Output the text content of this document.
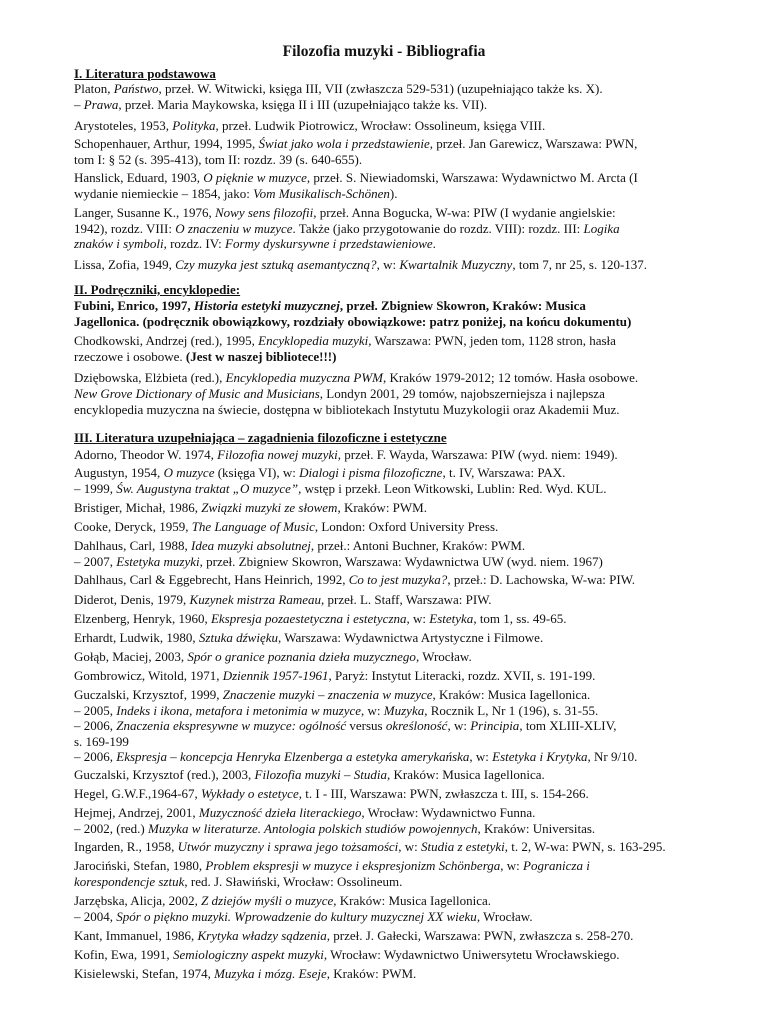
Filozofia muzyki - Bibliografia
I. Literatura podstawowa
Platon, Państwo, przeł. W. Witwicki, księga III, VII (zwłaszcza 529-531) (uzupełniająco także ks. X).
– Prawa, przeł. Maria Maykowska, księga II i III (uzupełniająco także ks. VII).
Arystoteles, 1953, Polityka, przeł. Ludwik Piotrowicz, Wrocław: Ossolineum, księga VIII.
Schopenhauer, Arthur, 1994, 1995, Świat jako wola i przedstawienie, przeł. Jan Garewicz, Warszawa: PWN,
tom I: § 52 (s. 395-413), tom II: rozdz. 39 (s. 640-655).
Hanslick, Eduard, 1903, O pięknie w muzyce, przeł. S. Niewiadomski, Warszawa: Wydawnictwo M. Arcta (I
wydanie niemieckie – 1854, jako: Vom Musikalisch-Schönen).
Langer, Susanne K., 1976, Nowy sens filozofii, przeł. Anna Bogucka, W-wa: PIW (I wydanie angielskie:
1942), rozdz. VIII: O znaczeniu w muzyce. Także (jako przygotowanie do rozdz. VIII): rozdz. III: Logika
znaków i symboli, rozdz. IV: Formy dyskursywne i przedstawieniowe.
Lissa, Zofia, 1949, Czy muzyka jest sztuką asemantyczną?, w: Kwartalnik Muzyczny, tom 7, nr 25, s. 120-137.
II. Podręczniki, encyklopedie:
Fubini, Enrico, 1997, Historia estetyki muzycznej, przeł. Zbigniew Skowron, Kraków: Musica
Jagellonica. (podręcznik obowiązkowy, rozdziały obowiązkowe: patrz poniżej, na końcu dokumentu)
Chodkowski, Andrzej (red.), 1995, Encyklopedia muzyki, Warszawa: PWN, jeden tom, 1128 stron, hasła
rzeczowe i osobowe. (Jest w naszej bibliotece!!!)
Dziębowska, Elżbieta (red.), Encyklopedia muzyczna PWM, Kraków 1979-2012; 12 tomów. Hasła osobowe.
New Grove Dictionary of Music and Musicians, Londyn 2001, 29 tomów, najobszerniejsza i najlepsza
encyklopedia muzyczna na świecie, dostępna w bibliotekach Instytutu Muzykologii oraz Akademii Muz.
III. Literatura uzupełniająca – zagadnienia filozoficzne i estetyczne
Adorno, Theodor W. 1974, Filozofia nowej muzyki, przeł. F. Wayda, Warszawa: PIW (wyd. niem: 1949).
Augustyn, 1954, O muzyce (księga VI), w: Dialogi i pisma filozoficzne, t. IV, Warszawa: PAX.
– 1999, Św. Augustyna traktat „O muzyce”, wstęp i przekł. Leon Witkowski, Lublin: Red. Wyd. KUL.
Bristiger, Michał, 1986, Związki muzyki ze słowem, Kraków: PWM.
Cooke, Deryck, 1959, The Language of Music, London: Oxford University Press.
Dahlhaus, Carl, 1988, Idea muzyki absolutnej, przeł.: Antoni Buchner, Kraków: PWM.
– 2007, Estetyka muzyki, przeł. Zbigniew Skowron, Warszawa: Wydawnictwa UW (wyd. niem. 1967)
Dahlhaus, Carl & Eggebrecht, Hans Heinrich, 1992, Co to jest muzyka?, przeł.: D. Lachowska, W-wa: PIW.
Diderot, Denis, 1979, Kuzynek mistrza Rameau, przeł. L. Staff, Warszawa: PIW.
Elzenberg, Henryk, 1960, Ekspresja pozaestetyczna i estetyczna, w: Estetyka, tom 1, ss. 49-65.
Erhardt, Ludwik, 1980, Sztuka dźwięku, Warszawa: Wydawnictwa Artystyczne i Filmowe.
Gołąb, Maciej, 2003, Spór o granice poznania dzieła muzycznego, Wrocław.
Gombrowicz, Witold, 1971, Dziennik 1957-1961, Paryż: Instytut Literacki, rozdz. XVII, s. 191-199.
Guczalski, Krzysztof, 1999, Znaczenie muzyki – znaczenia w muzyce, Kraków: Musica Iagellonica.
– 2005, Indeks i ikona, metafora i metonimia w muzyce, w: Muzyka, Rocznik L, Nr 1 (196), s. 31-55.
– 2006, Znaczenia ekspresywne w muzyce: ogólność versus określoność, w: Principia, tom XLIII-XLIV,
s. 169-199
– 2006, Ekspresja – koncepcja Henryka Elzenberga a estetyka amerykańska, w: Estetyka i Krytyka, Nr 9/10.
Guczalski, Krzysztof (red.), 2003, Filozofia muzyki – Studia, Kraków: Musica Iagellonica.
Hegel, G.W.F.,1964-67, Wykłady o estetyce, t. I - III, Warszawa: PWN, zwłaszcza t. III, s. 154-266.
Hejmej, Andrzej, 2001, Muzyczność dzieła literackiego, Wrocław: Wydawnictwo Funna.
– 2002, (red.) Muzyka w literaturze. Antologia polskich studiów powojennych, Kraków: Universitas.
Ingarden, R., 1958, Utwór muzyczny i sprawa jego tożsamości, w: Studia z estetyki, t. 2, W-wa: PWN, s. 163-295.
Jarociński, Stefan, 1980, Problem ekspresji w muzyce i ekspresjonizm Schönberga, w: Pogranicza i
korespondencje sztuk, red. J. Sławiński, Wrocław: Ossolineum.
Jarzębska, Alicja, 2002, Z dziejów myśli o muzyce, Kraków: Musica Iagellonica.
– 2004, Spór o piękno muzyki. Wprowadzenie do kultury muzycznej XX wieku, Wrocław.
Kant, Immanuel, 1986, Krytyka władzy sądzenia, przeł. J. Gałecki, Warszawa: PWN, zwłaszcza s. 258-270.
Kofin, Ewa, 1991, Semiologiczny aspekt muzyki, Wrocław: Wydawnictwo Uniwersytetu Wrocławskiego.
Kisielewski, Stefan, 1974, Muzyka i mózg. Eseje, Kraków: PWM.
